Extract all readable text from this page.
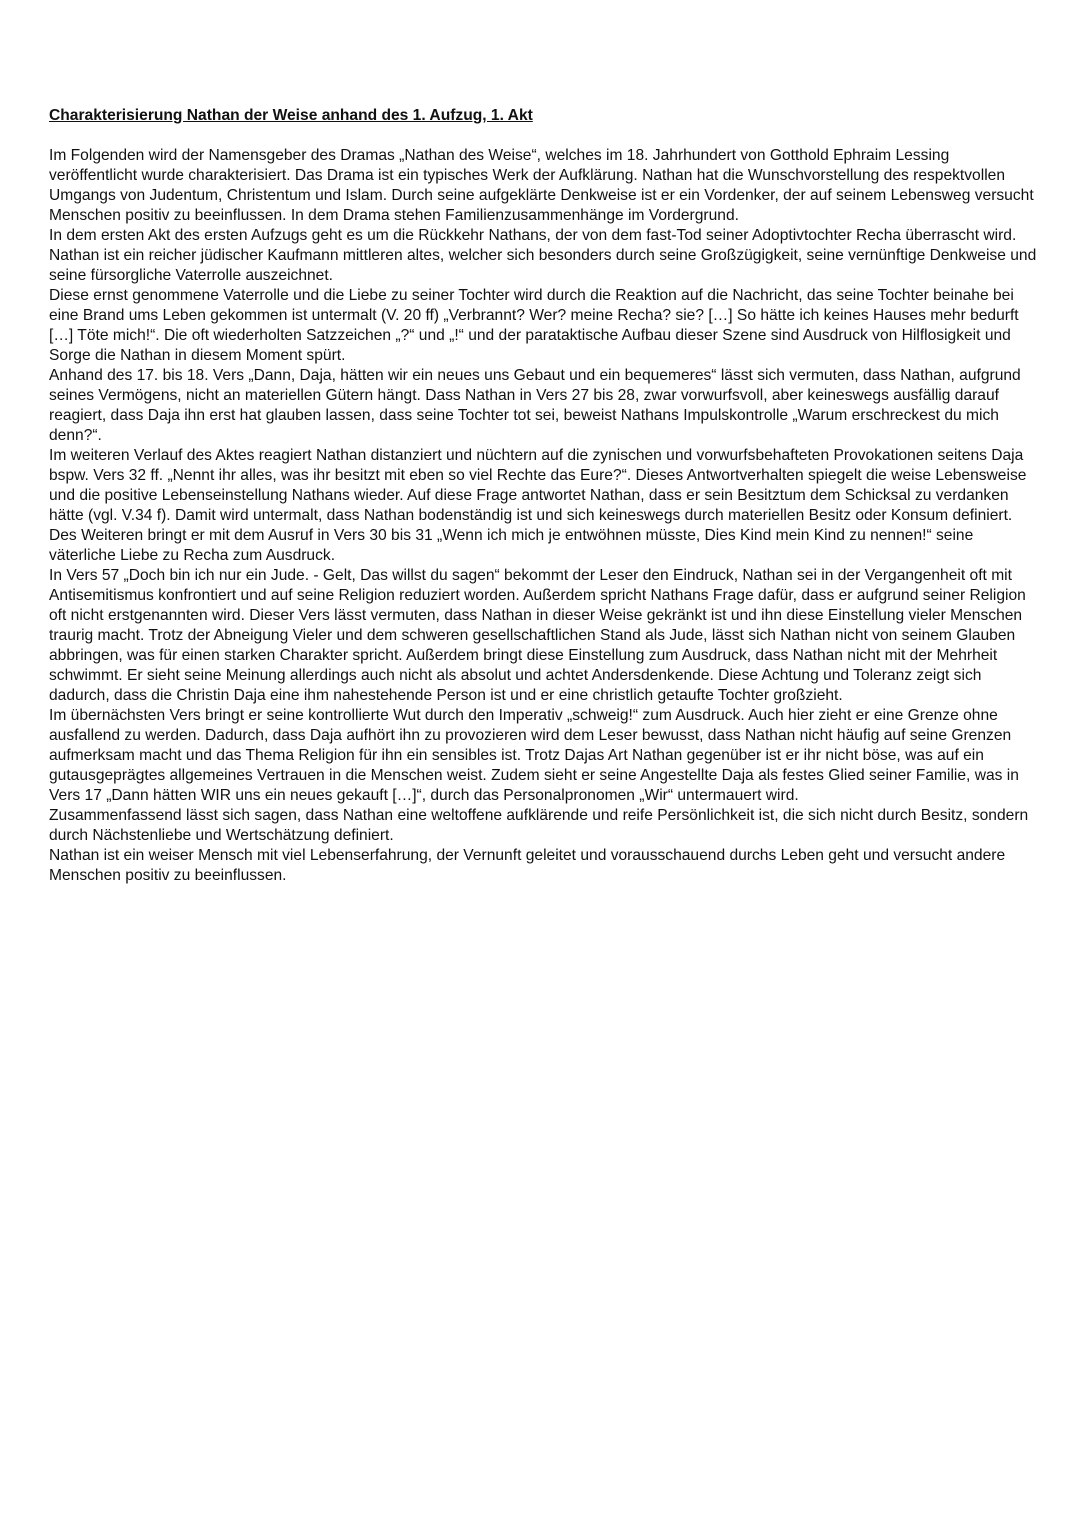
Charakterisierung Nathan der Weise anhand des 1. Aufzug, 1. Akt

Im Folgenden wird der Namensgeber des Dramas „Nathan des Weise“, welches im 18. Jahrhundert von Gotthold Ephraim Lessing veröffentlicht wurde charakterisiert. Das Drama ist ein typisches Werk der Aufklärung. Nathan hat die Wunschvorstellung des respektvollen Umgangs von Judentum, Christentum und Islam. Durch seine aufgeklärte Denkweise ist er ein Vordenker, der auf seinem Lebensweg versucht Menschen positiv zu beeinflussen. In dem Drama stehen Familienzusammenhänge im Vordergrund.

In dem ersten Akt des ersten Aufzugs geht es um die Rückkehr Nathans, der von dem fast-Tod seiner Adoptivtochter Recha überrascht wird.

Nathan ist ein reicher jüdischer Kaufmann mittleren altes, welcher sich besonders durch seine Großzügigkeit, seine vernünftige Denkweise und seine fürsorgliche Vaterrolle auszeichnet.

Diese ernst genommene Vaterrolle und die Liebe zu seiner Tochter wird durch die Reaktion auf die Nachricht, das seine Tochter beinahe bei eine Brand ums Leben gekommen ist untermalt (V. 20 ff) „Verbrannt? Wer? meine Recha? sie? […] So hätte ich keines Hauses mehr bedurft […] Töte mich!“. Die oft wiederholten Satzzeichen „?“ und „!“ und der parataktische Aufbau dieser Szene sind Ausdruck von Hilflosigkeit und Sorge die Nathan in diesem Moment spürt.

Anhand des 17. bis 18. Vers „Dann, Daja, hätten wir ein neues uns Gebaut und ein bequemeres“ lässt sich vermuten, dass Nathan, aufgrund seines Vermögens, nicht an materiellen Gütern hängt. Dass Nathan in Vers 27 bis 28, zwar vorwurfsvoll, aber keineswegs ausfällig darauf reagiert, dass Daja ihn erst hat glauben lassen, dass seine Tochter tot sei, beweist Nathans Impulskontrolle „Warum erschreckest du mich denn?“.

Im weiteren Verlauf des Aktes reagiert Nathan distanziert und nüchtern auf die zynischen und vorwurfsbehafteten Provokationen seitens Daja bspw. Vers 32 ff. „Nennt ihr alles, was ihr besitzt mit eben so viel Rechte das Eure?“. Dieses Antwortverhalten spiegelt die weise Lebensweise und die positive Lebenseinstellung Nathans wieder. Auf diese Frage antwortet Nathan, dass er sein Besitztum dem Schicksal zu verdanken hätte (vgl. V.34 f). Damit wird untermalt, dass Nathan bodenständig ist und sich keineswegs durch materiellen Besitz oder Konsum definiert.

Des Weiteren bringt er mit dem Ausruf in Vers 30 bis 31 „Wenn ich mich je entwöhnen müsste, Dies Kind mein Kind zu nennen!“ seine väterliche Liebe zu Recha zum Ausdruck.

In Vers 57 „Doch bin ich nur ein Jude. - Gelt, Das willst du sagen“ bekommt der Leser den Eindruck, Nathan sei in der Vergangenheit oft mit Antisemitismus konfrontiert und auf seine Religion reduziert worden. Außerdem spricht Nathans Frage dafür, dass er aufgrund seiner Religion oft nicht erstgenannten wird. Dieser Vers lässt vermuten, dass Nathan in dieser Weise gekränkt ist und ihn diese Einstellung vieler Menschen traurig macht. Trotz der Abneigung Vieler und dem schweren gesellschaftlichen Stand als Jude, lässt sich Nathan nicht von seinem Glauben abbringen, was für einen starken Charakter spricht. Außerdem bringt diese Einstellung zum Ausdruck, dass Nathan nicht mit der Mehrheit schwimmt. Er sieht seine Meinung allerdings auch nicht als absolut und achtet Andersdenkende. Diese Achtung und Toleranz zeigt sich dadurch, dass die Christin Daja eine ihm nahestehende Person ist und er eine christlich getaufte Tochter großzieht.

Im übernächsten Vers bringt er seine kontrollierte Wut durch den Imperativ „schweig!“ zum Ausdruck. Auch hier zieht er eine Grenze ohne ausfallend zu werden. Dadurch, dass Daja aufhört ihn zu provozieren wird dem Leser bewusst, dass Nathan nicht häufig auf seine Grenzen aufmerksam macht und das Thema Religion für ihn ein sensibles ist. Trotz Dajas Art Nathan gegenüber ist er ihr nicht böse, was auf ein gutausgeprägtes allgemeines Vertrauen in die Menschen weist. Zudem sieht er seine Angestellte Daja als festes Glied seiner Familie, was in Vers 17 „Dann hätten WIR uns ein neues gekauft […]“, durch das Personalpronomen „Wir“ untermauert wird.

Zusammenfassend lässt sich sagen, dass Nathan eine weltoffene aufklärende und reife Persönlichkeit ist, die sich nicht durch Besitz, sondern durch Nächstenliebe und Wertschätzung definiert.

Nathan ist ein weiser Mensch mit viel Lebenserfahrung, der Vernunft geleitet und vorausschauend durchs Leben geht und versucht andere Menschen positiv zu beeinflussen.
